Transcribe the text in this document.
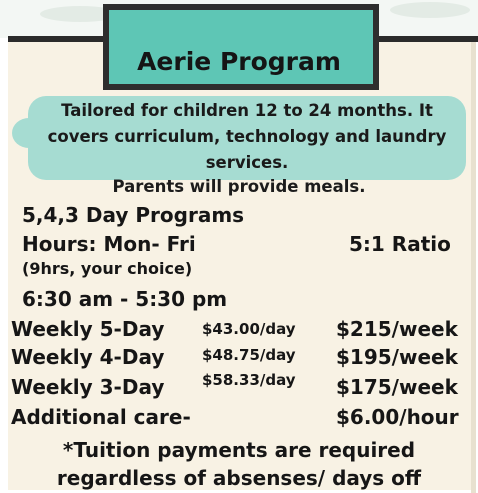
Aerie Program
Tailored for children 12 to 24 months. It
covers curriculum, technology and laundry
services.
Parents will provide meals.
5,4,3 Day Programs
Hours: Mon- Fri	5:1 Ratio
(9hrs, your choice)
6:30 am - 5:30 pm
Weekly 5-Day	$43.00/day $215/week
Weekly 4-Day	$48.75/day $195/week
Weekly 3-Day	$58.33/day $175/week
Additional care-	$6.00/hour
*Tuition payments are required
regardless of absenses/ days off
